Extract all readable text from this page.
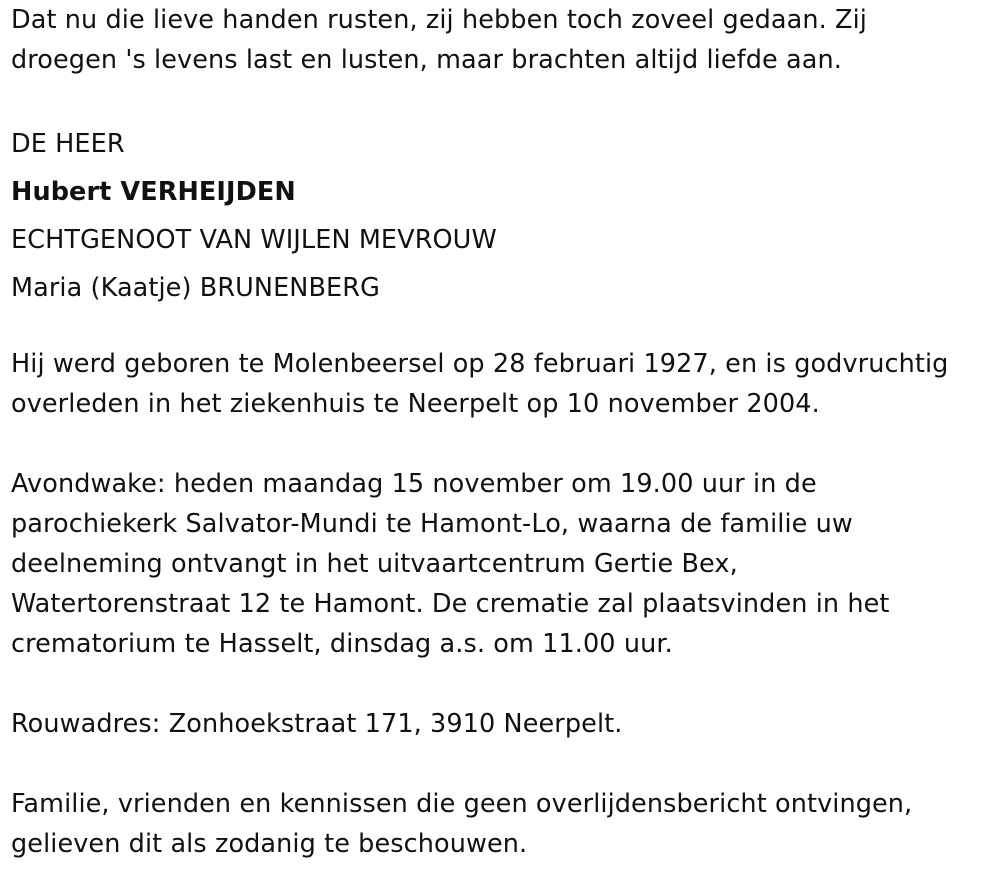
Dat nu die lieve handen rusten, zij hebben toch zoveel gedaan. Zij
droegen 's levens last en lusten, maar brachten altijd liefde aan.
DE HEER
Hubert VERHEIJDEN
ECHTGENOOT VAN WIJLEN MEVROUW
Maria (Kaatje) BRUNENBERG
Hij werd geboren te Molenbeersel op 28 februari 1927, en is godvruchtig
overleden in het ziekenhuis te Neerpelt op 10 november 2004.
Avondwake: heden maandag 15 november om 19.00 uur in de
parochiekerk Salvator-Mundi te Hamont-Lo, waarna de familie uw
deelneming ontvangt in het uitvaartcentrum Gertie Bex,
Watertorenstraat 12 te Hamont. De crematie zal plaatsvinden in het
crematorium te Hasselt, dinsdag a.s. om 11.00 uur.
Rouwadres: Zonhoekstraat 171, 3910 Neerpelt.
Familie, vrienden en kennissen die geen overlijdensbericht ontvingen,
gelieven dit als zodanig te beschouwen.
